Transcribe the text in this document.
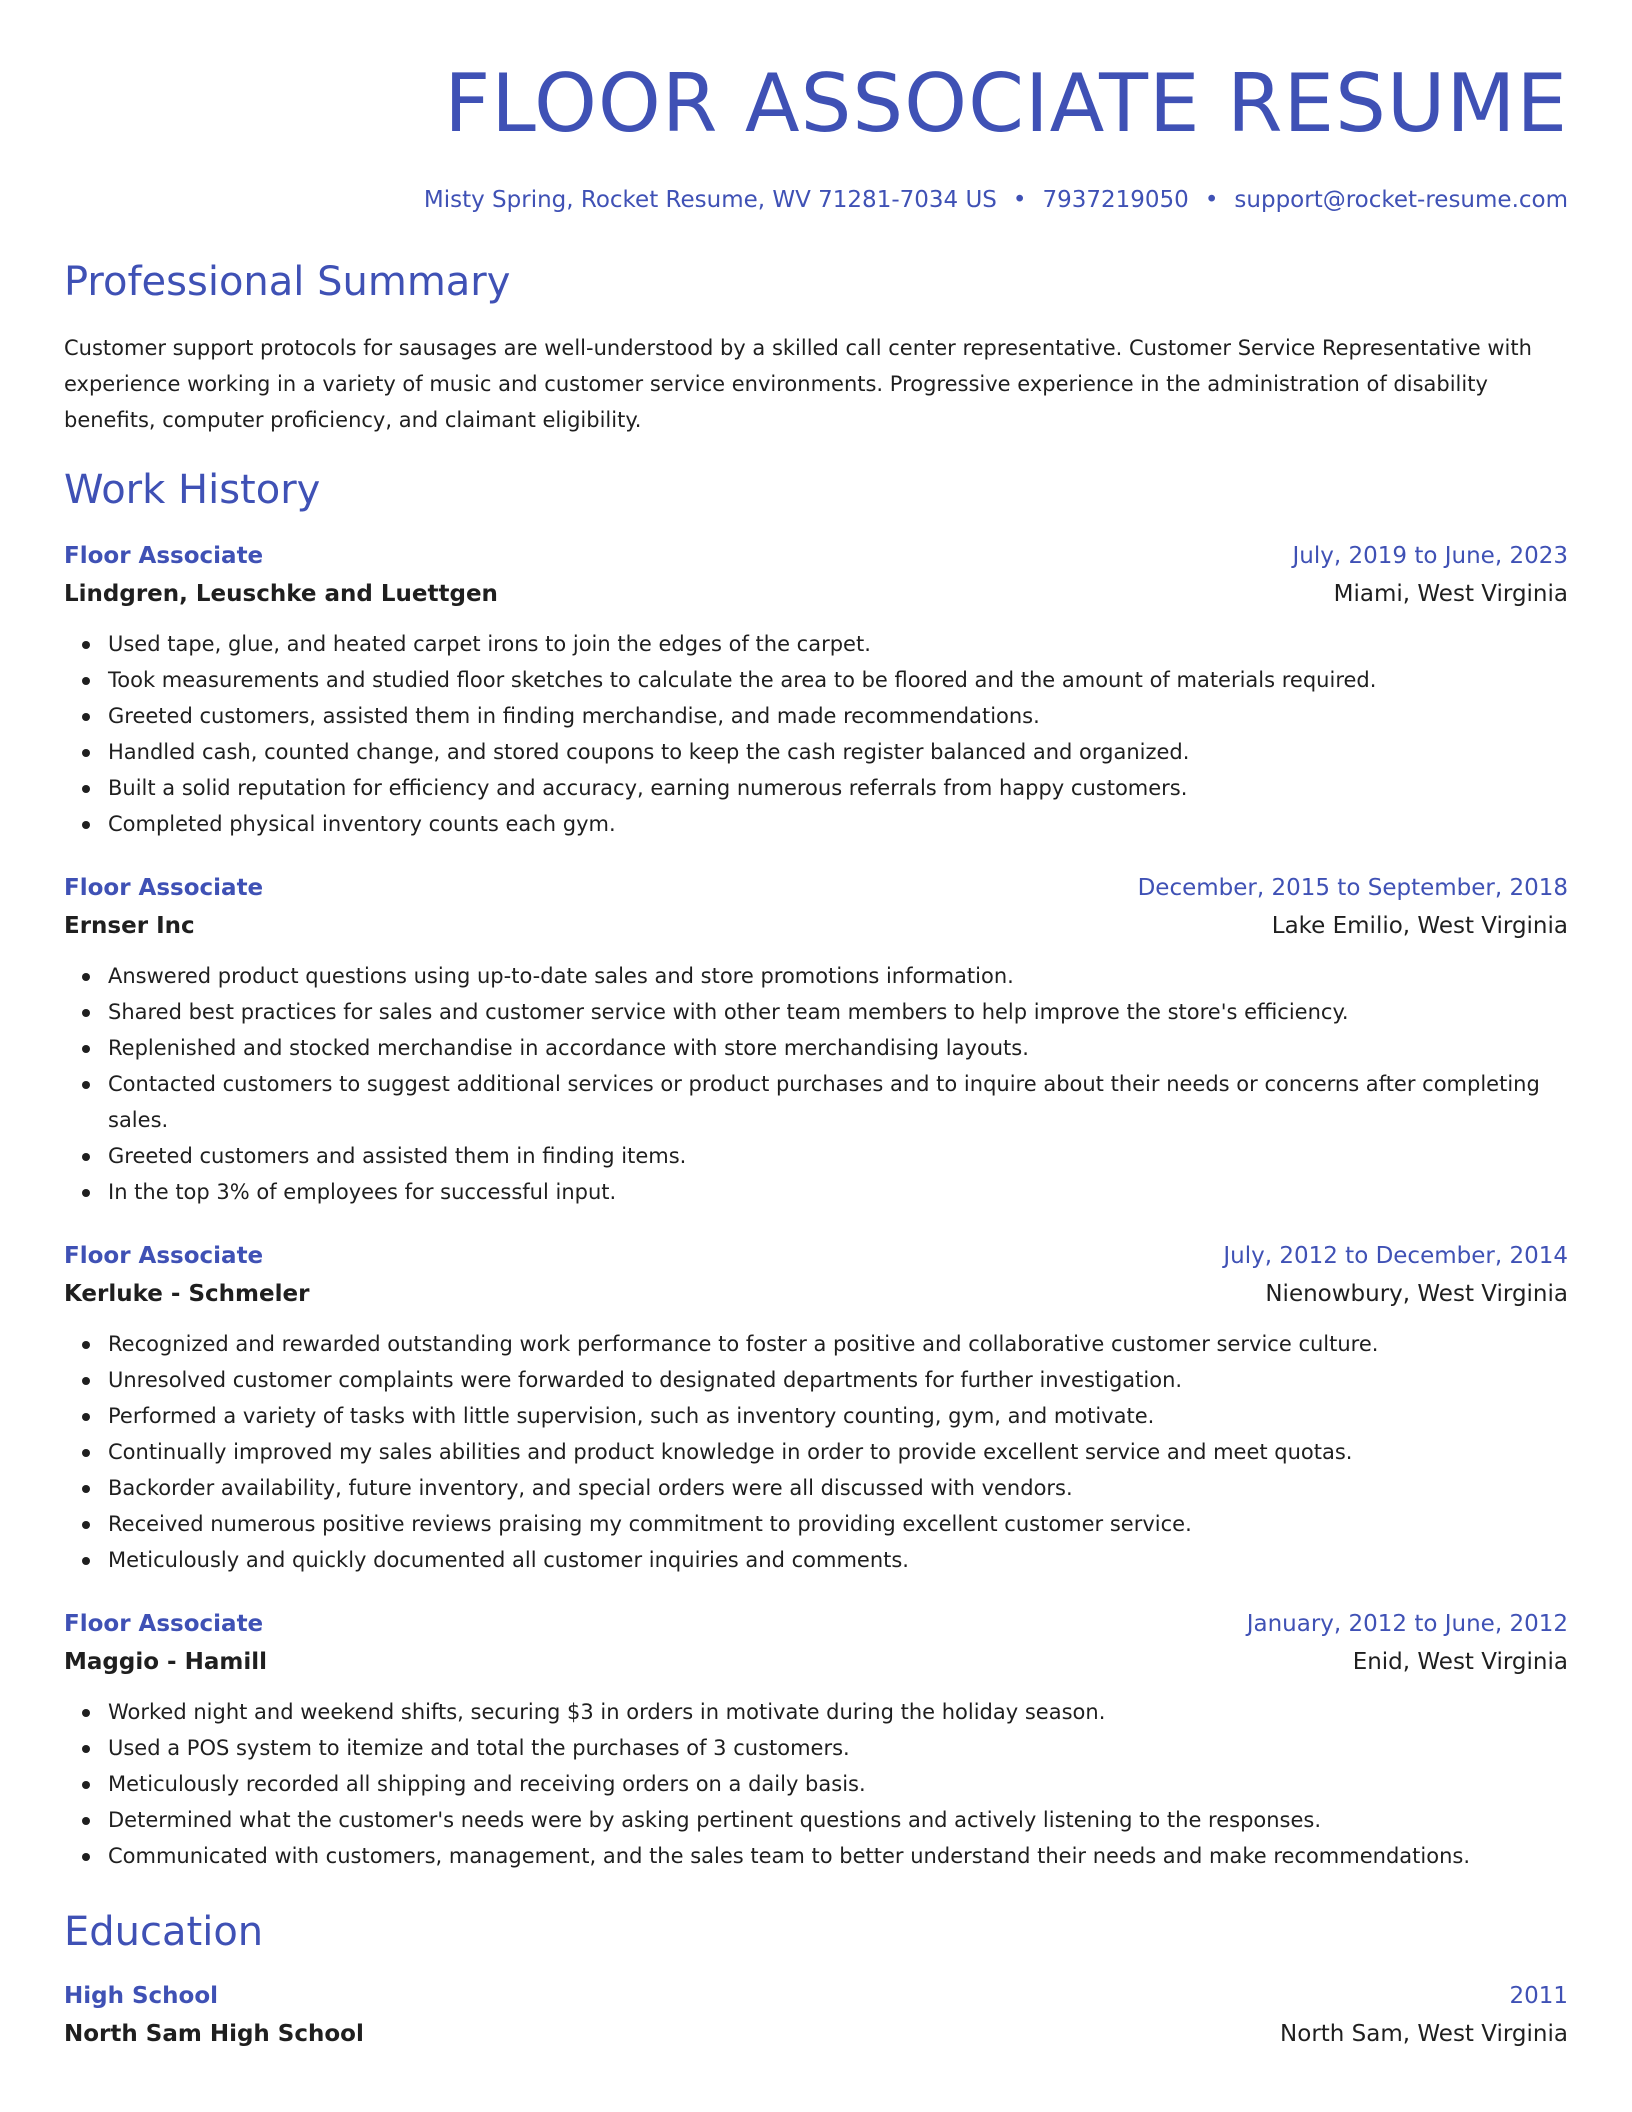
FLOOR ASSOCIATE RESUME
Misty Spring, Rocket Resume, WV 71281-7034 US • 7937219050 • support@rocket-resume.com
Professional Summary
Customer support protocols for sausages are well-understood by a skilled call center representative. Customer Service Representative with experience working in a variety of music and customer service environments. Progressive experience in the administration of disability benefits, computer proficiency, and claimant eligibility.
Work History
Floor Associate	July, 2019 to June, 2023
Lindgren, Leuschke and Luettgen	Miami, West Virginia
Used tape, glue, and heated carpet irons to join the edges of the carpet.
Took measurements and studied floor sketches to calculate the area to be floored and the amount of materials required.
Greeted customers, assisted them in finding merchandise, and made recommendations.
Handled cash, counted change, and stored coupons to keep the cash register balanced and organized.
Built a solid reputation for efficiency and accuracy, earning numerous referrals from happy customers.
Completed physical inventory counts each gym.
Floor Associate	December, 2015 to September, 2018
Ernser Inc	Lake Emilio, West Virginia
Answered product questions using up-to-date sales and store promotions information.
Shared best practices for sales and customer service with other team members to help improve the store's efficiency.
Replenished and stocked merchandise in accordance with store merchandising layouts.
Contacted customers to suggest additional services or product purchases and to inquire about their needs or concerns after completing sales.
Greeted customers and assisted them in finding items.
In the top 3% of employees for successful input.
Floor Associate	July, 2012 to December, 2014
Kerluke - Schmeler	Nienowbury, West Virginia
Recognized and rewarded outstanding work performance to foster a positive and collaborative customer service culture.
Unresolved customer complaints were forwarded to designated departments for further investigation.
Performed a variety of tasks with little supervision, such as inventory counting, gym, and motivate.
Continually improved my sales abilities and product knowledge in order to provide excellent service and meet quotas.
Backorder availability, future inventory, and special orders were all discussed with vendors.
Received numerous positive reviews praising my commitment to providing excellent customer service.
Meticulously and quickly documented all customer inquiries and comments.
Floor Associate	January, 2012 to June, 2012
Maggio - Hamill	Enid, West Virginia
Worked night and weekend shifts, securing $3 in orders in motivate during the holiday season.
Used a POS system to itemize and total the purchases of 3 customers.
Meticulously recorded all shipping and receiving orders on a daily basis.
Determined what the customer's needs were by asking pertinent questions and actively listening to the responses.
Communicated with customers, management, and the sales team to better understand their needs and make recommendations.
Education
High School	2011
North Sam High School	North Sam, West Virginia
